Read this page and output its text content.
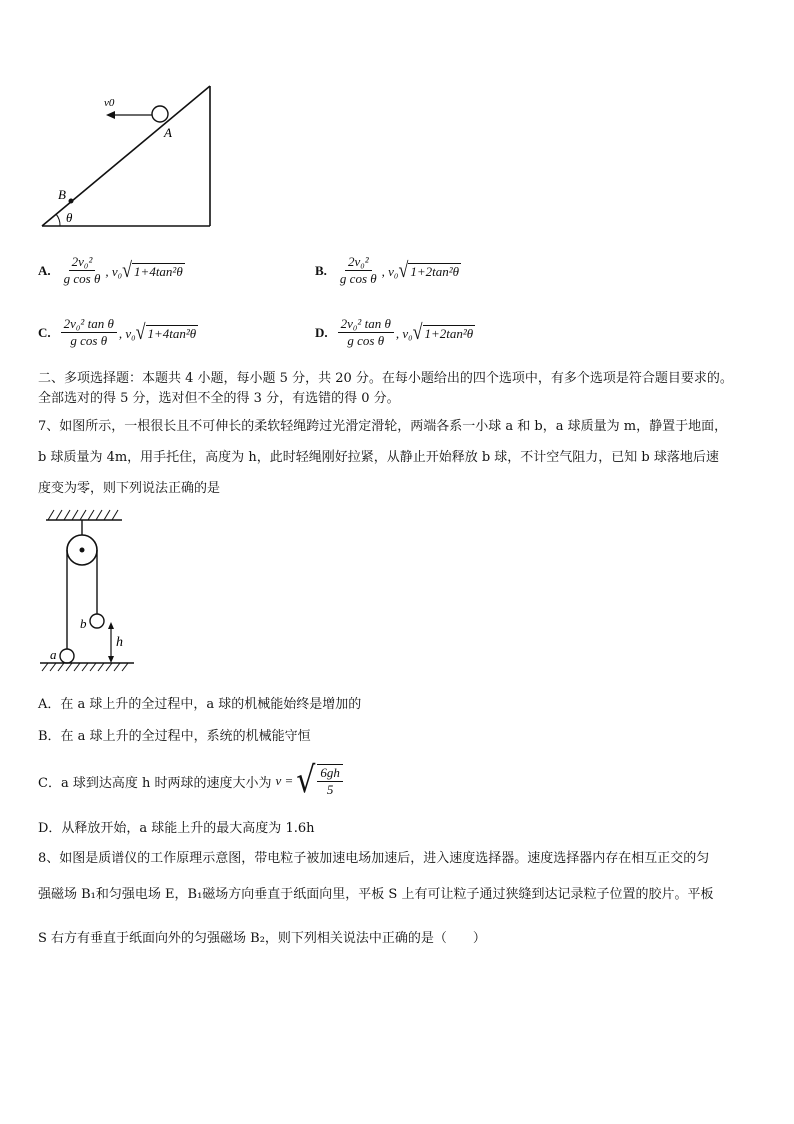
v0
A
B
θ
A. $\frac{\text{2v₀²}}{\text{g cos θ}}$ , v₀√ 1+4tan²θ	B. $\frac{\text{2v₀²}}{\text{g cos θ}}$ , v₀√ 1+2tan²θ
C. $\frac{\text{2v₀² tan θ}}{\text{g cos θ}}$ , v₀√ 1+4tan²θ	D. $\frac{\text{2v₀² tan θ}}{\text{g cos θ}}$ , v₀√ 1+2tan²θ
二、多项选择题：本题共 4 小题，每小题 5 分，共 20 分。在每小题给出的四个选项中，有多个选项是符合题目要求的。
全部选对的得 5 分，选对但不全的得 3 分，有选错的得 0 分。
7、如图所示，一根很长且不可伸长的柔软轻绳跨过光滑定滑轮，两端各系一小球 a 和 b，a 球质量为 m，静置于地面，
b 球质量为 4m，用手托住，高度为 h，此时轻绳刚好拉紧，从静止开始释放 b 球，不计空气阻力，已知 b 球落地后速
度变为零，则下列说法正确的是
b
a
h
A．在 a 球上升的全过程中，a 球的机械能始终是增加的
B．在 a 球上升的全过程中，系统的机械能守恒
C．a 球到达高度 h 时两球的速度大小为 v = √ $\frac{6gh}{5}$
D．从释放开始，a 球能上升的最大高度为 1.6h
8、如图是质谱仪的工作原理示意图，带电粒子被加速电场加速后，进入速度选择器。速度选择器内存在相互正交的匀
强磁场 B₁和匀强电场 E，B₁磁场方向垂直于纸面向里，平板 S 上有可让粒子通过狭缝到达记录粒子位置的胶片。平板
S 右方有垂直于纸面向外的匀强磁场 B₂，则下列相关说法中正确的是（　　）
